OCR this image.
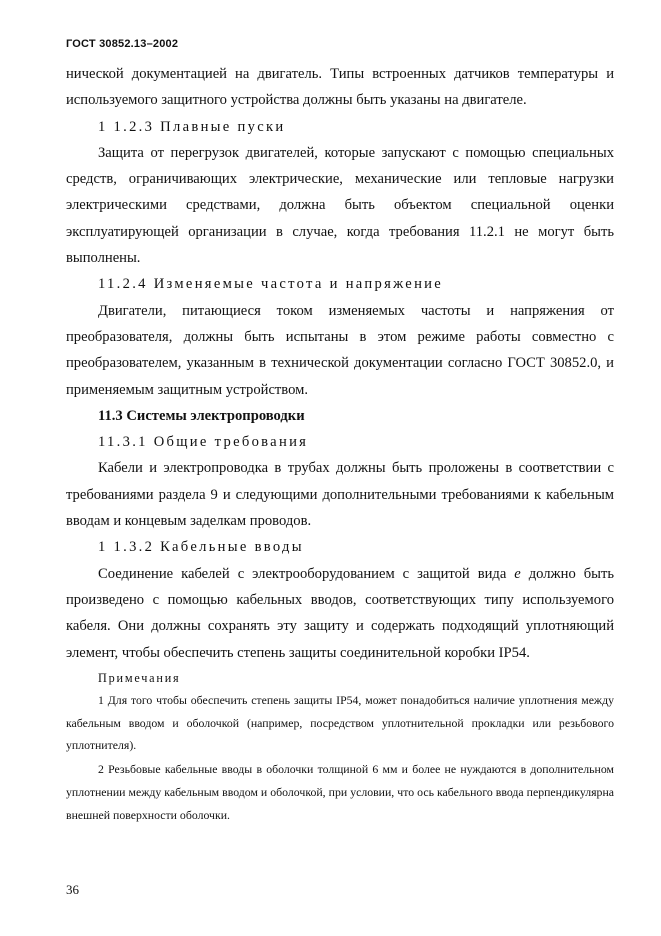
ГОСТ 30852.13–2002

нической документацией на двигатель. Типы встроенных датчиков температуры и используемого защитного устройства должны быть указаны на двигателе.

1 1.2.3 Плавные пуски

Защита от перегрузок двигателей, которые запускают с помощью специальных средств, ограничивающих электрические, механические или тепловые нагрузки электрическими средствами, должна быть объектом специальной оценки эксплуатирующей организации в случае, когда требования 11.2.1 не могут быть выполнены.

11.2.4 Изменяемые частота и напряжение

Двигатели, питающиеся током изменяемых частоты и напряжения от преобразователя, должны быть испытаны в этом режиме работы совместно с преобразователем, указанным в технической документации согласно ГОСТ 30852.0, и применяемым защитным устройством.

11.3 Системы электропроводки

11.3.1 Общие требования

Кабели и электропроводка в трубах должны быть проложены в соответствии с требованиями раздела 9 и следующими дополнительными требованиями к кабельным вводам и концевым заделкам проводов.

1 1.3.2 Кабельные вводы

Соединение кабелей с электрооборудованием с защитой вида е должно быть произведено с помощью кабельных вводов, соответствующих типу используемого кабеля. Они должны сохранять эту защиту и содержать подходящий уплотняющий элемент, чтобы обеспечить степень защиты соединительной коробки IP54.

Примечания

1 Для того чтобы обеспечить степень защиты IP54, может понадобиться наличие уплотнения между кабельным вводом и оболочкой (например, посредством уплотнительной прокладки или резьбового уплотнителя).

2 Резьбовые кабельные вводы в оболочки толщиной 6 мм и более не нуждаются в дополнительном уплотнении между кабельным вводом и оболочкой, при условии, что ось кабельного ввода перпендикулярна внешней поверхности оболочки.

36
